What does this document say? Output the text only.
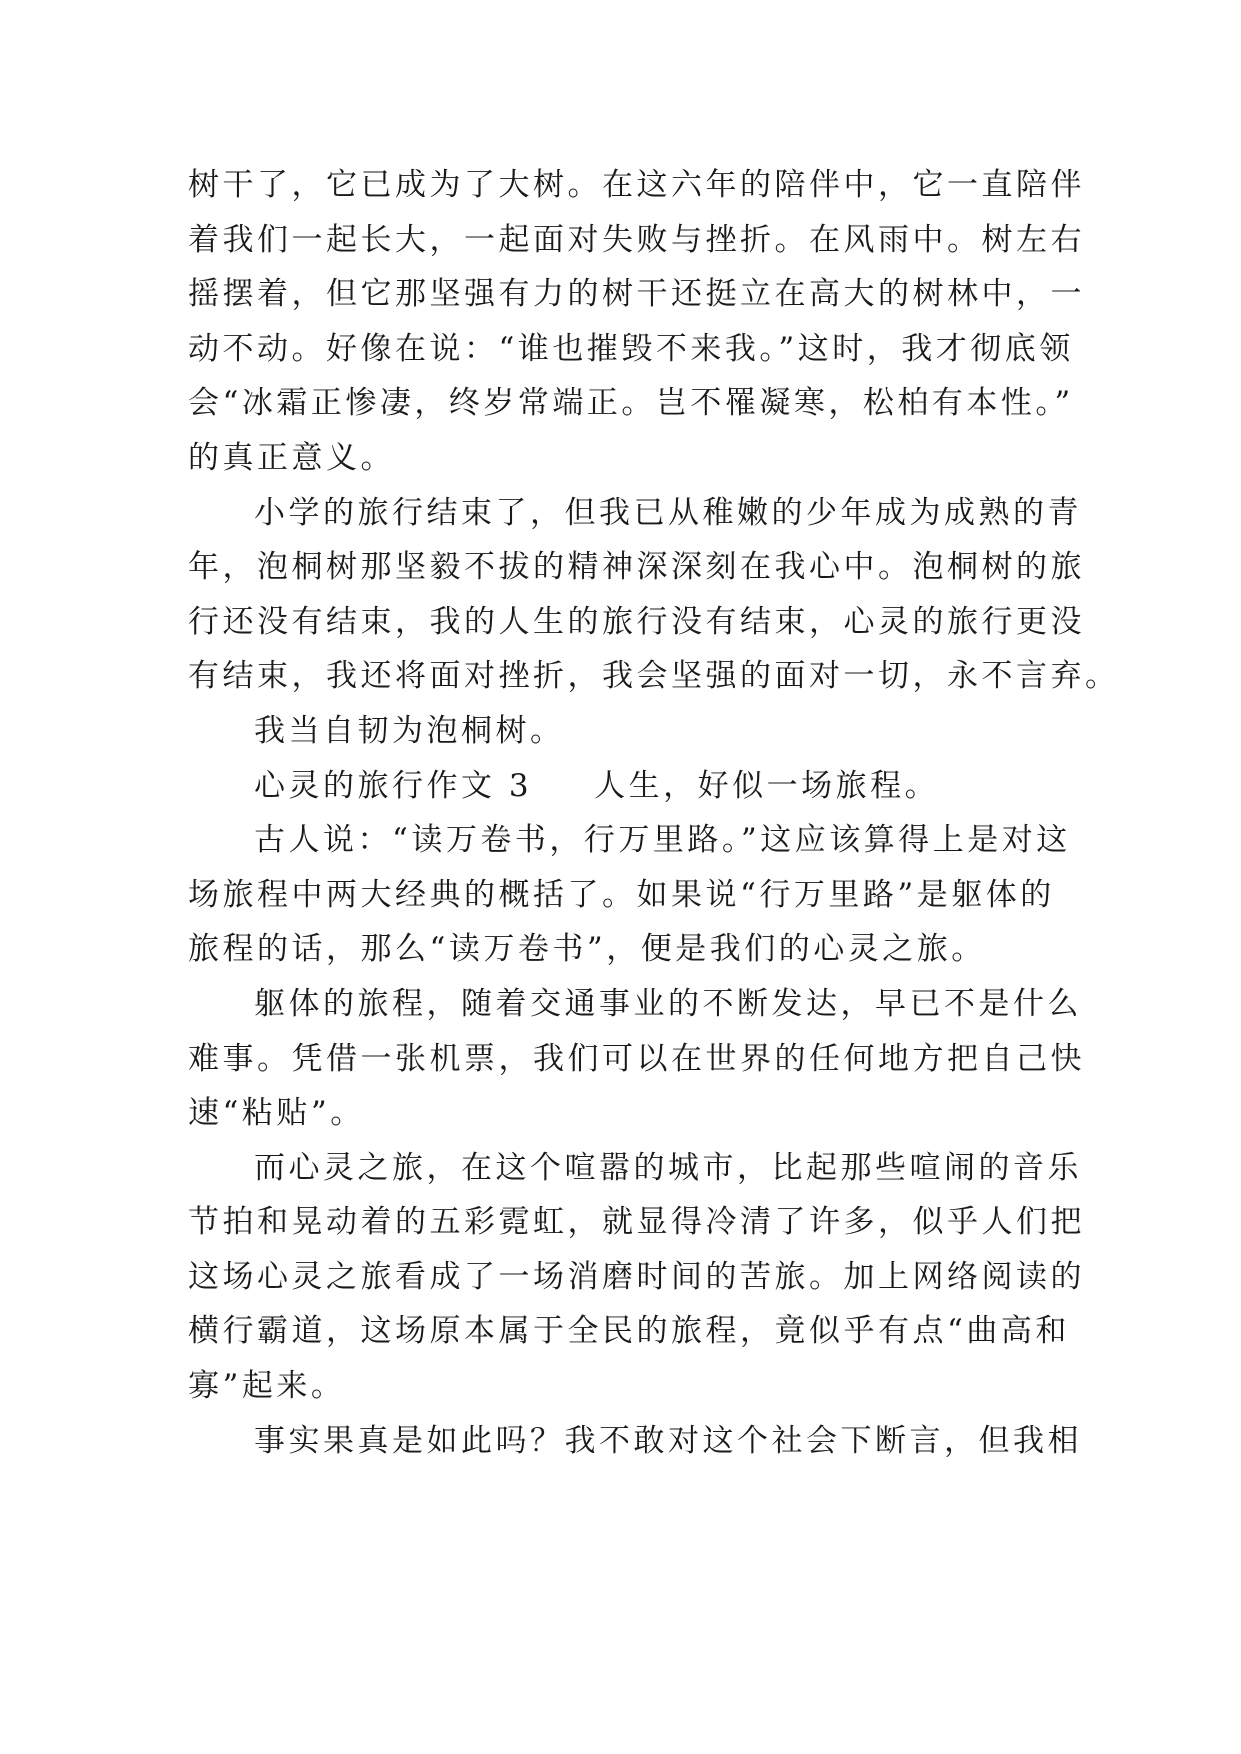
树干了，它已成为了大树。在这六年的陪伴中，它一直陪伴
着我们一起长大，一起面对失败与挫折。在风雨中。树左右
摇摆着，但它那坚强有力的树干还挺立在高大的树林中，一
动不动。好像在说：“谁也摧毁不来我。”这时，我才彻底领
会“冰霜正惨凄，终岁常端正。岂不罹凝寒，松柏有本性。”
的真正意义。
小学的旅行结束了，但我已从稚嫩的少年成为成熟的青
年，泡桐树那坚毅不拔的精神深深刻在我心中。泡桐树的旅
行还没有结束，我的人生的旅行没有结束，心灵的旅行更没
有结束，我还将面对挫折，我会坚强的面对一切，永不言弃。
我当自韧为泡桐树。
心灵的旅行作文 3 人生，好似一场旅程。
古人说：“读万卷书，行万里路。”这应该算得上是对这
场旅程中两大经典的概括了。如果说“行万里路”是躯体的
旅程的话，那么“读万卷书”，便是我们的心灵之旅。
躯体的旅程，随着交通事业的不断发达，早已不是什么
难事。凭借一张机票，我们可以在世界的任何地方把自己快
速“粘贴”。
而心灵之旅，在这个喧嚣的城市，比起那些喧闹的音乐
节拍和晃动着的五彩霓虹，就显得冷清了许多，似乎人们把
这场心灵之旅看成了一场消磨时间的苦旅。加上网络阅读的
横行霸道，这场原本属于全民的旅程，竟似乎有点“曲高和
寡”起来。
事实果真是如此吗？我不敢对这个社会下断言，但我相
